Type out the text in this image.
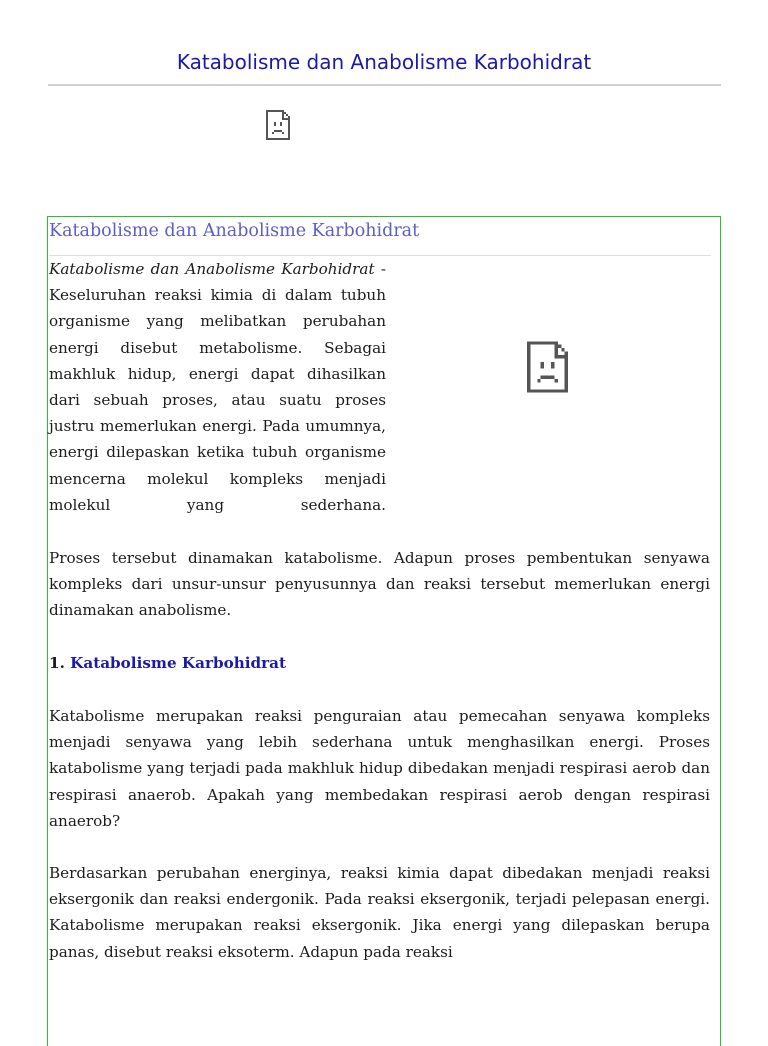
Katabolisme dan Anabolisme Karbohidrat
Katabolisme dan Anabolisme Karbohidrat

Katabolisme dan Anabolisme Karbohidrat - Keseluruhan reaksi kimia di dalam tubuh organisme yang melibatkan perubahan energi disebut metabolisme. Sebagai makhluk hidup, energi dapat dihasilkan dari sebuah proses, atau suatu proses justru memerlukan energi. Pada umumnya, energi dilepaskan ketika tubuh organisme mencerna molekul kompleks menjadi molekul yang sederhana.

Proses tersebut dinamakan katabolisme. Adapun proses pembentukan senyawa kompleks dari unsur-unsur penyusunnya dan reaksi tersebut memerlukan energi dinamakan anabolisme.

1. Katabolisme Karbohidrat

Katabolisme merupakan reaksi penguraian atau pemecahan senyawa kompleks menjadi senyawa yang lebih sederhana untuk menghasilkan energi. Proses katabolisme yang terjadi pada makhluk hidup dibedakan menjadi respirasi aerob dan respirasi anaerob. Apakah yang membedakan respirasi aerob dengan respirasi anaerob?

Berdasarkan perubahan energinya, reaksi kimia dapat dibedakan menjadi reaksi eksergonik dan reaksi endergonik. Pada reaksi eksergonik, terjadi pelepasan energi. Katabolisme merupakan reaksi eksergonik. Jika energi yang dilepaskan berupa panas, disebut reaksi eksoterm. Adapun pada reaksi
